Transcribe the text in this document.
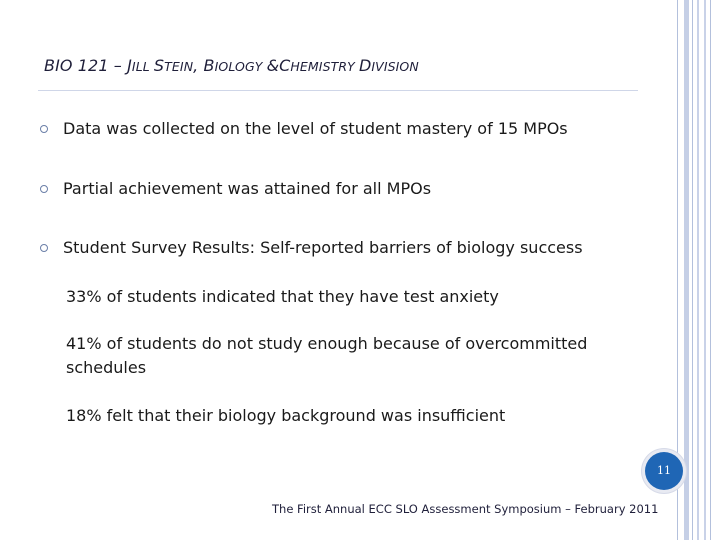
BIO 121 – JILL STEIN, BIOLOGY &CHEMISTRY DIVISION
Data was collected on the level of student mastery of 15 MPOs
Partial achievement was attained for all MPOs
Student Survey Results: Self-reported barriers of biology success
33% of students indicated that they have test anxiety
41% of students do not study enough because of overcommitted schedules
18% felt that their biology background was insufficient
11
The First Annual ECC SLO Assessment Symposium – February 2011
